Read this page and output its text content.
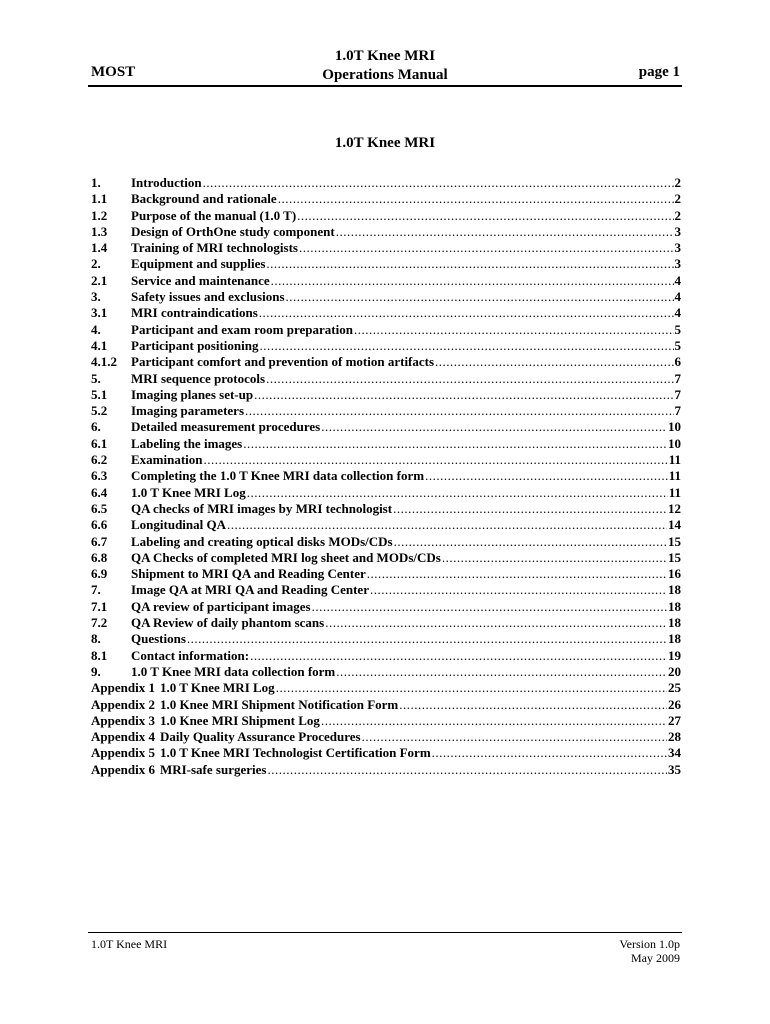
MOST
1.0T Knee MRI
Operations Manual	page 1
1.0T Knee MRI
1.	Introduction .....	2
1.1	Background and rationale .....	2
1.2	Purpose of the manual (1.0 T) .....	2
1.3	Design of OrthOne study component .....	3
1.4	Training of MRI technologists .....	3
2.	Equipment and supplies .....	3
2.1	Service and maintenance .....	4
3.	Safety issues and exclusions .....	4
3.1	MRI contraindications .....	4
4.	Participant and exam room preparation .....	5
4.1	Participant positioning .....	5
4.1.2	Participant comfort and prevention of motion artifacts .....	6
5.	MRI sequence protocols .....	7
5.1	Imaging planes set-up .....	7
5.2	Imaging parameters .....	7
6.	Detailed measurement procedures .....	10
6.1	Labeling the images .....	10
6.2	Examination .....	11
6.3	Completing the 1.0 T Knee MRI data collection form .....	11
6.4	1.0 T Knee MRI Log .....	11
6.5	QA checks of MRI images by MRI technologist .....	12
6.6	Longitudinal QA .....	14
6.7	Labeling and creating optical disks MODs/CDs .....	15
6.8	QA Checks of completed MRI log sheet and MODs/CDs .....	15
6.9	Shipment to MRI QA and Reading Center .....	16
7.	Image QA at MRI QA and Reading Center .....	18
7.1	QA review of participant images .....	18
7.2	QA Review of daily phantom scans .....	18
8.	Questions .....	18
8.1	Contact information: .....	19
9.	1.0 T Knee MRI data collection form .....	20
Appendix 1 1.0 T Knee MRI Log .....	25
Appendix 2 1.0 Knee MRI Shipment Notification Form .....	26
Appendix 3 1.0 Knee MRI Shipment Log .....	27
Appendix 4 Daily Quality Assurance Procedures .....	28
Appendix 5 1.0 T Knee MRI Technologist Certification Form .....	34
Appendix 6 MRI-safe surgeries .....	35
1.0T Knee MRI	Version 1.0p
May 2009
